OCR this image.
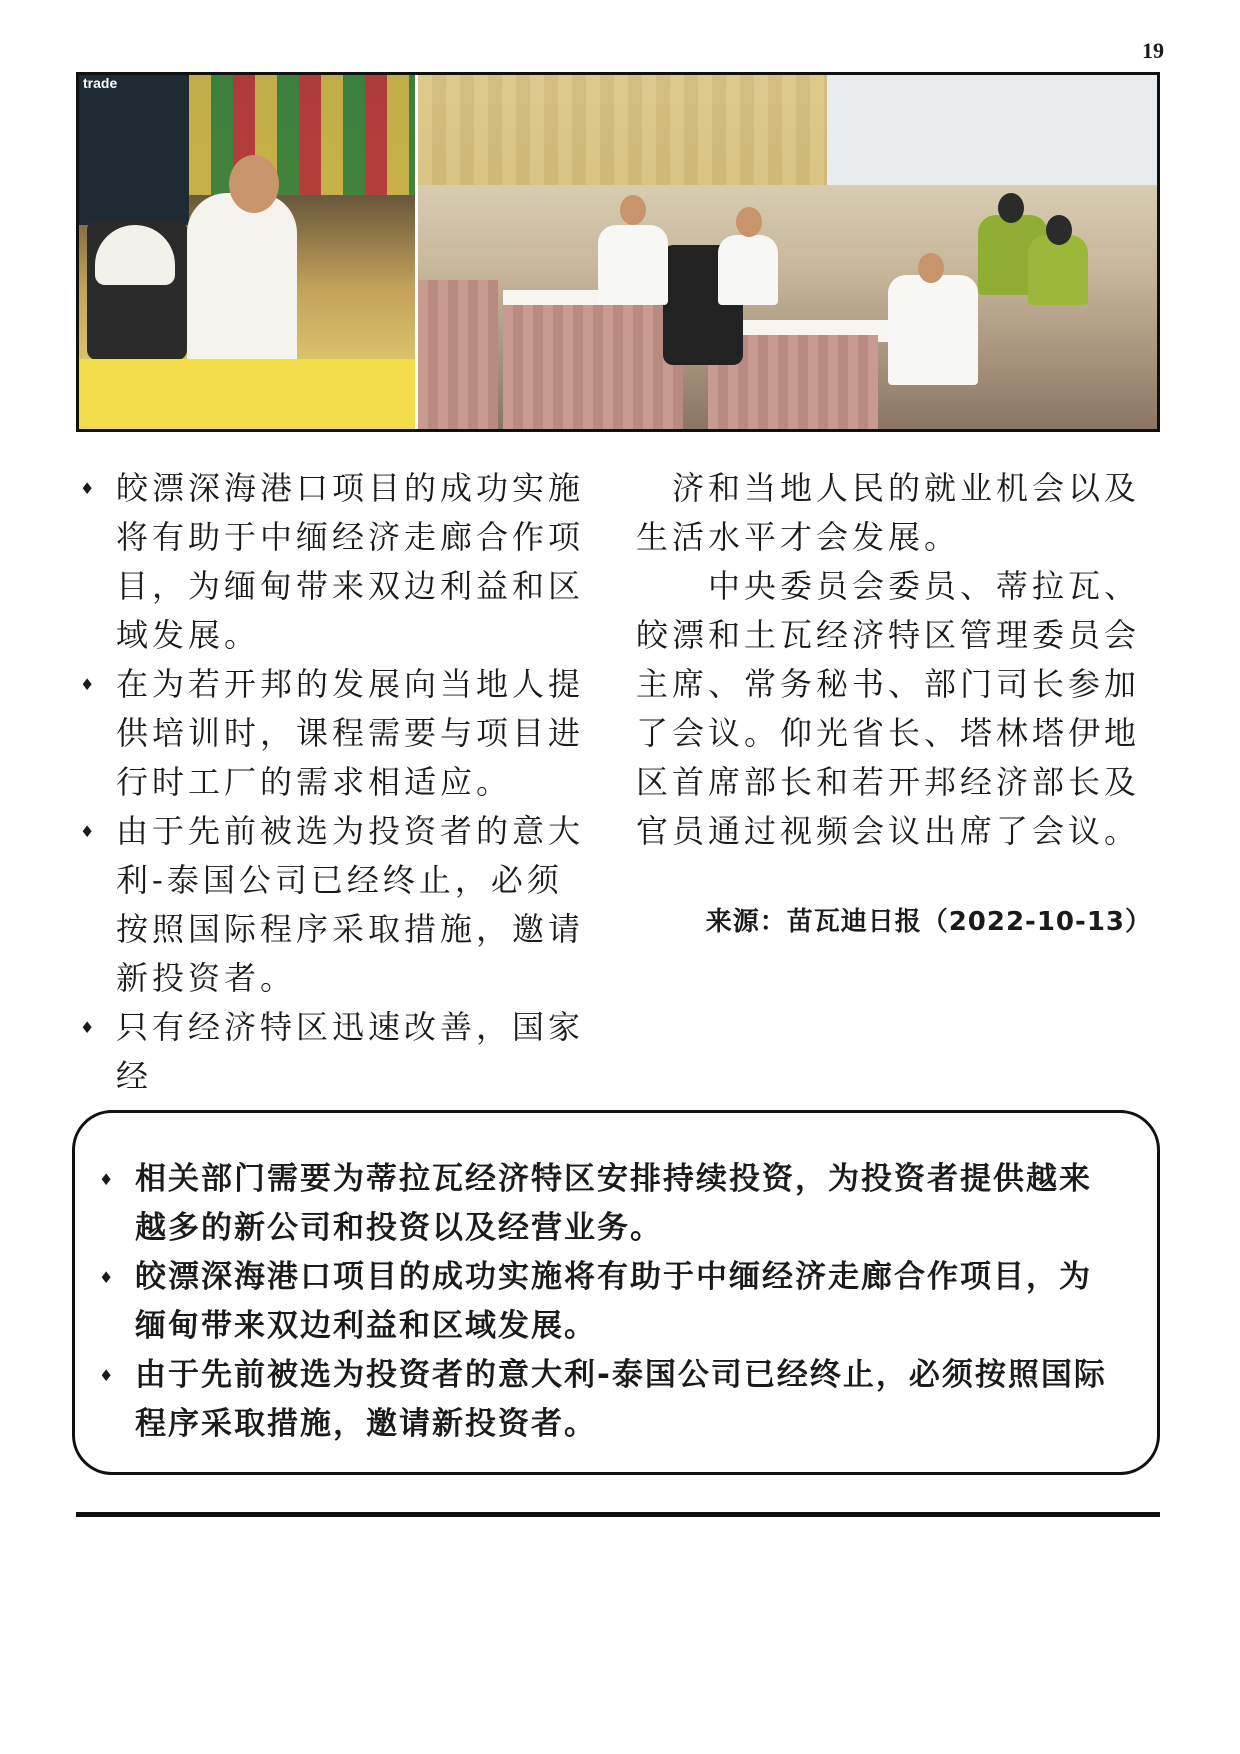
19
trade
♦ 皎漂深海港口项目的成功实施将有助于中缅经济走廊合作项目，为缅甸带来双边利益和区域发展。
♦ 在为若开邦的发展向当地人提供培训时，课程需要与项目进行时工厂的需求相适应。
♦ 由于先前被选为投资者的意大利-泰国公司已经终止，必须按照国际程序采取措施，邀请新投资者。
♦ 只有经济特区迅速改善，国家经

济和当地人民的就业机会以及生活水平才会发展。

中央委员会委员、蒂拉瓦、皎漂和土瓦经济特区管理委员会主席、常务秘书、部门司长参加了会议。仰光省长、塔林塔伊地区首席部长和若开邦经济部长及官员通过视频会议出席了会议。

来源：苗瓦迪日报（2022-10-13）
♦ 相关部门需要为蒂拉瓦经济特区安排持续投资，为投资者提供越来越多的新公司和投资以及经营业务。
♦ 皎漂深海港口项目的成功实施将有助于中缅经济走廊合作项目，为缅甸带来双边利益和区域发展。
♦ 由于先前被选为投资者的意大利-泰国公司已经终止，必须按照国际程序采取措施，邀请新投资者。
